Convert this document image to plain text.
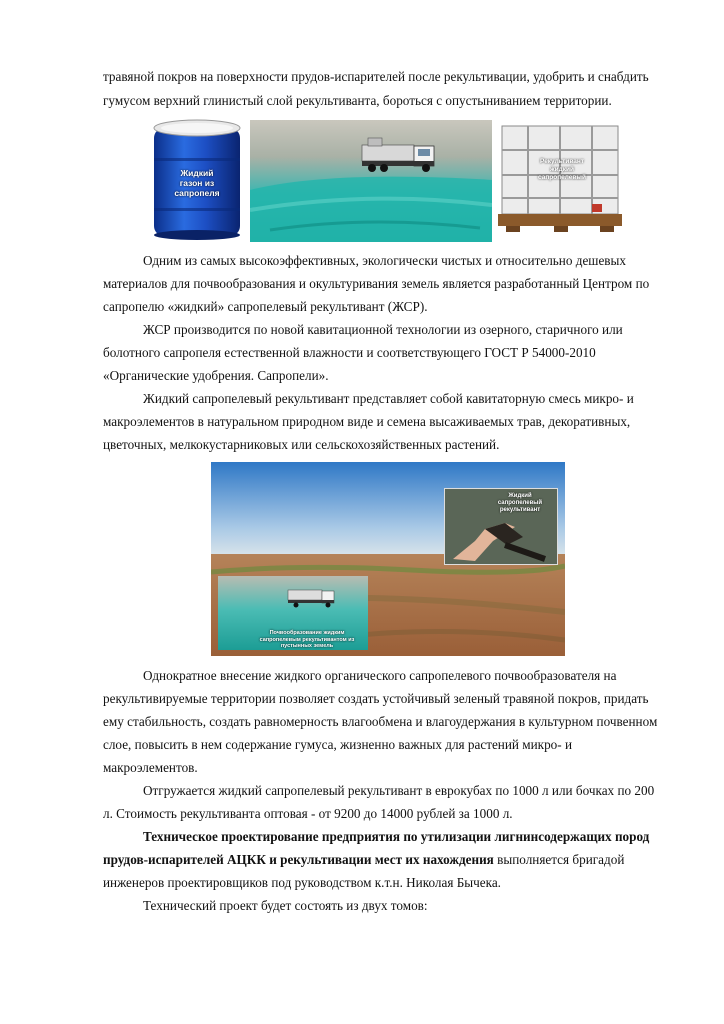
травяной покров на поверхности прудов-испарителей после рекультивации, удобрить и снабдить
гумусом верхний глинистый слой рекультиванта, бороться с опустыниванием территории.
Жидкий
газон из
сапропеля
Рекультивант
жидкий
сапропелевый
Одним из самых высокоэффективных, экологически чистых и относительно дешевых
материалов для почвообразования и окультуривания земель является разработанный Центром по
сапропелю «жидкий» сапропелевый рекультивант (ЖСР).
ЖСР производится по новой кавитационной технологии из озерного, старичного или
болотного сапропеля естественной влажности и соответствующего ГОСТ Р 54000-2010
«Органические удобрения. Сапропели».
Жидкий сапропелевый рекультивант представляет собой кавитаторную смесь микро- и
макроэлементов в натуральном природном виде и семена высаживаемых трав, декоративных,
цветочных, мелкокустарниковых или сельскохозяйственных растений.
Жидкий
сапропелевый
рекультивант
Почвообразование жидким
сапропелевым рекультивантом из
пустынных земель
Однократное внесение жидкого органического сапропелевого почвообразователя на
рекультивируемые территории позволяет создать устойчивый зеленый травяной покров, придать
ему стабильность, создать равномерность влагообмена и влагоудержания в культурном почвенном
слое, повысить в нем содержание гумуса, жизненно важных для растений микро- и
макроэлементов.
Отгружается жидкий сапропелевый рекультивант в еврокубах по 1000 л или бочках по 200
л. Стоимость рекультиванта оптовая - от 9200 до 14000 рублей за 1000 л.
Техническое проектирование предприятия по утилизации лигнинсодержащих пород
прудов-испарителей АЦКК и рекультивации мест их нахождения выполняется бригадой
инженеров проектировщиков под руководством к.т.н. Николая Бычека.
Технический проект будет состоять из двух томов:
